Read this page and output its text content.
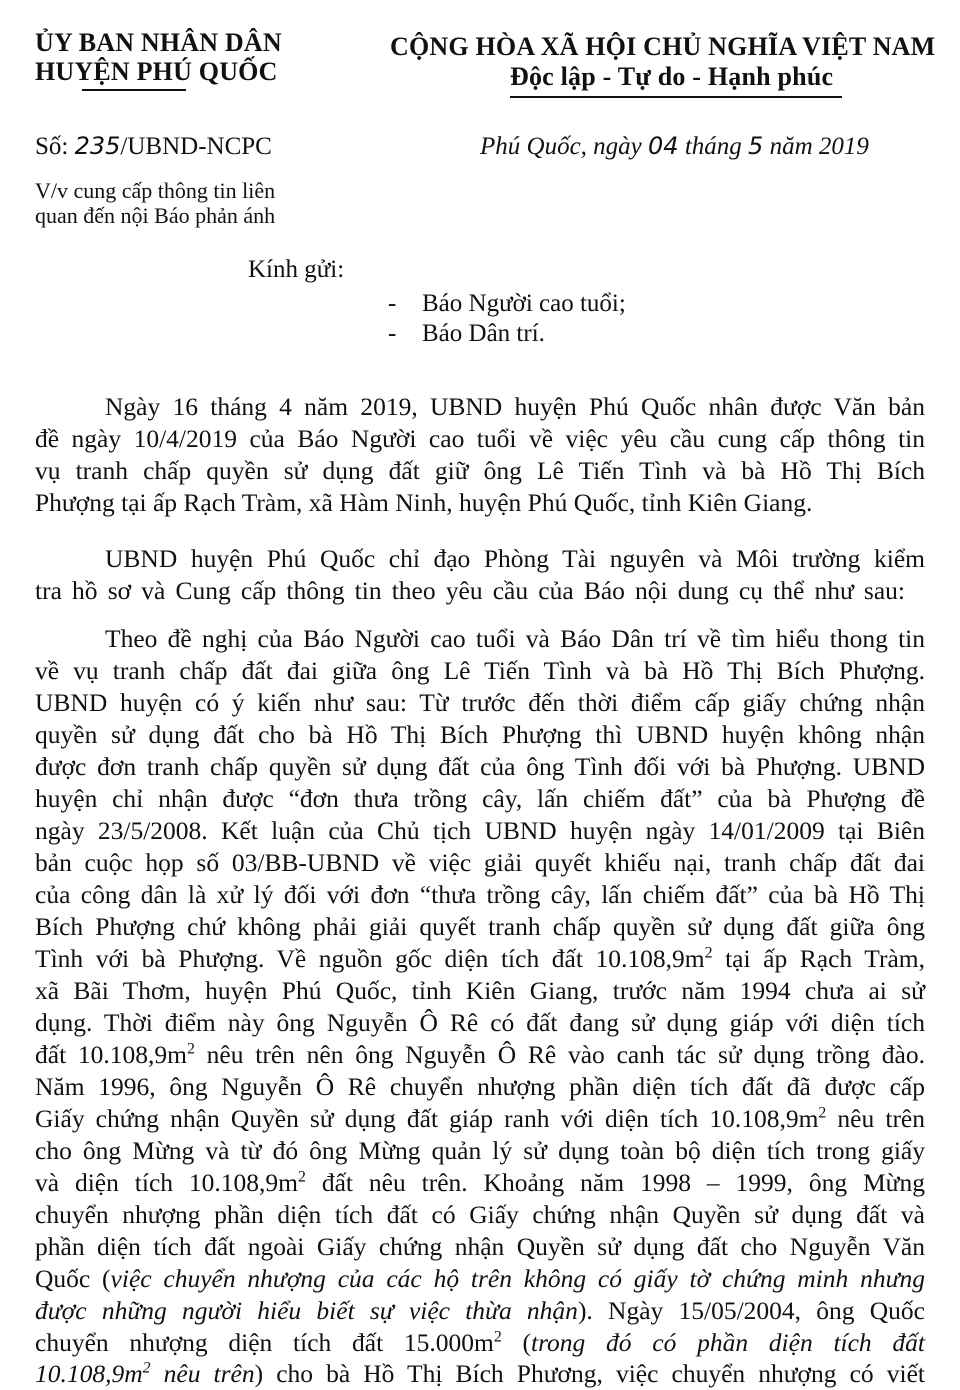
ỦY BAN NHÂN DÂN
HUYỆN PHÚ QUỐC
CỘNG HÒA XÃ HỘI CHỦ NGHĨA VIỆT NAM
Độc lập - Tự do - Hạnh phúc
Số: 235/UBND-NCPC	Phú Quốc, ngày 04 tháng 5 năm 2019
V/v cung cấp thông tin liên
quan đến nội Báo phản ánh
Kính gửi:
- Báo Người cao tuổi;
- Báo Dân trí.
Ngày 16 tháng 4 năm 2019, UBND huyện Phú Quốc nhân được Văn bản
đề ngày 10/4/2019 của Báo Người cao tuổi về việc yêu cầu cung cấp thông tin
vụ tranh chấp quyền sử dụng đất giữ ông Lê Tiến Tình và bà Hồ Thị Bích
Phượng tại ấp Rạch Tràm, xã Hàm Ninh, huyện Phú Quốc, tỉnh Kiên Giang.
UBND huyện Phú Quốc chỉ đạo Phòng Tài nguyên và Môi trường kiểm
tra hồ sơ và Cung cấp thông tin theo yêu cầu của Báo nội dung cụ thể như sau:
Theo đề nghị của Báo Người cao tuổi và Báo Dân trí về tìm hiểu thong tin
về vụ tranh chấp đất đai giữa ông Lê Tiến Tình và bà Hồ Thị Bích Phượng.
UBND huyện có ý kiến như sau: Từ trước đến thời điểm cấp giấy chứng nhận
quyền sử dụng đất cho bà Hồ Thị Bích Phượng thì UBND huyện không nhận
được đơn tranh chấp quyền sử dụng đất của ông Tình đối với bà Phượng. UBND
huyện chỉ nhận được “đơn thưa trồng cây, lấn chiếm đất” của bà Phượng đề
ngày 23/5/2008. Kết luận của Chủ tịch UBND huyện ngày 14/01/2009 tại Biên
bản cuộc họp số 03/BB-UBND về việc giải quyết khiếu nại, tranh chấp đất đai
của công dân là xử lý đối với đơn “thưa trồng cây, lấn chiếm đất” của bà Hồ Thị
Bích Phượng chứ không phải giải quyết tranh chấp quyền sử dụng đất giữa ông
Tình với bà Phượng. Về nguồn gốc diện tích đất $10.108,9m^2$ tại ấp Rạch Tràm,
xã Bãi Thơm, huyện Phú Quốc, tỉnh Kiên Giang, trước năm 1994 chưa ai sử
dụng. Thời điểm này ông Nguyễn Ô Rê có đất đang sử dụng giáp với diện tích
đất $10.108,9m^2$ nêu trên nên ông Nguyễn Ô Rê vào canh tác sử dụng trồng đào.
Năm 1996, ông Nguyễn Ô Rê chuyển nhượng phần diện tích đất đã được cấp
Giấy chứng nhận Quyền sử dụng đất giáp ranh với diện tích $10.108,9m^2$ nêu trên
cho ông Mừng và từ đó ông Mừng quản lý sử dụng toàn bộ diện tích trong giấy
và diện tích $10.108,9m^2$ đất nêu trên. Khoảng năm 1998 – 1999, ông Mừng
chuyển nhượng phần diện tích đất có Giấy chứng nhận Quyền sử dụng đất và
phần diện tích đất ngoài Giấy chứng nhận Quyền sử dụng đất cho Nguyễn Văn
Quốc (việc chuyển nhượng của các hộ trên không có giấy tờ chứng minh nhưng
được những người hiểu biết sự việc thừa nhận). Ngày 15/05/2004, ông Quốc
chuyển nhượng diện tích đất $15.000m^2$ (trong đó có phần diện tích đất
$10.108,9m^2$ nêu trên) cho bà Hồ Thị Bích Phương, việc chuyển nhượng có viết
